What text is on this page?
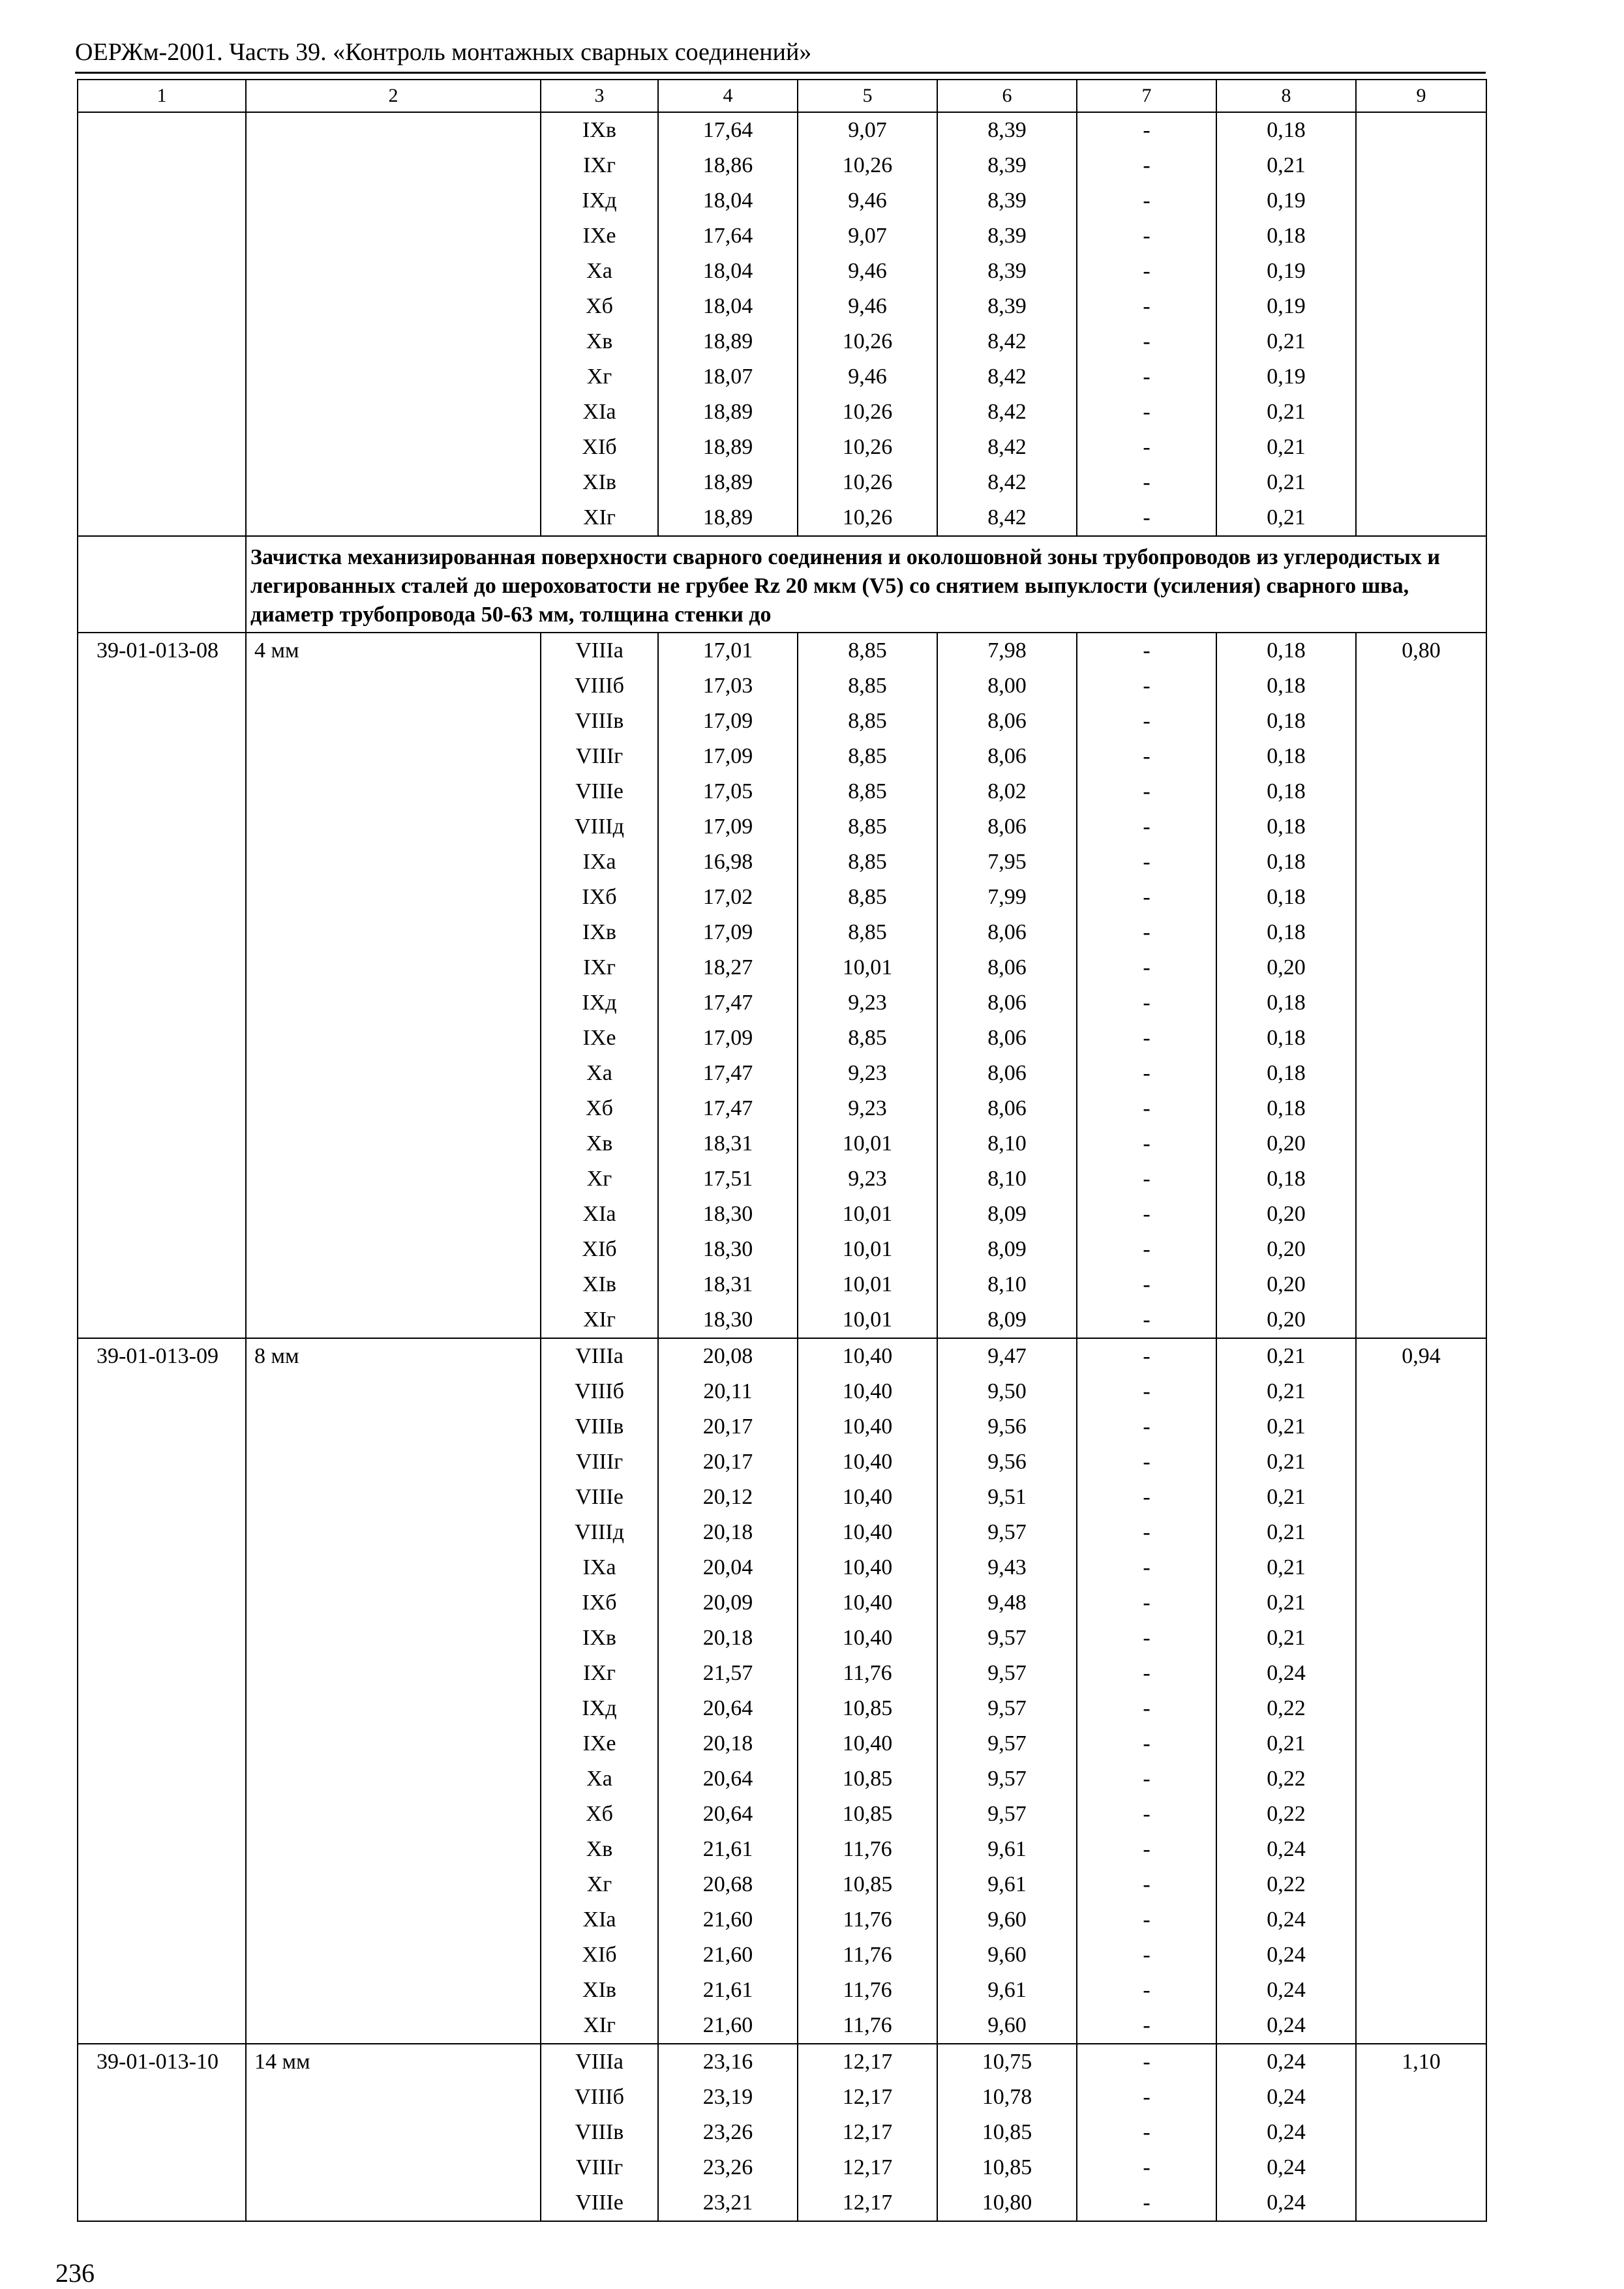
ОЕРЖм-2001. Часть 39. «Контроль монтажных сварных соединений»
1	2	3	4	5	6	7	8	9
		IXв	17,64	9,07	8,39	-	0,18	
		IXг	18,86	10,26	8,39	-	0,21	
		IXд	18,04	9,46	8,39	-	0,19	
		IXе	17,64	9,07	8,39	-	0,18	
		Xa	18,04	9,46	8,39	-	0,19	
		Xб	18,04	9,46	8,39	-	0,19	
		Xв	18,89	10,26	8,42	-	0,21	
		Xг	18,07	9,46	8,42	-	0,19	
		XIa	18,89	10,26	8,42	-	0,21	
		XIб	18,89	10,26	8,42	-	0,21	
		XIв	18,89	10,26	8,42	-	0,21	
		XIг	18,89	10,26	8,42	-	0,21	
	Зачистка механизированная поверхности сварного соединения и околошовной зоны трубопроводов из углеродистых и легированных сталей до шероховатости не грубее Rz 20 мкм (V5) со снятием выпуклости (усиления) сварного шва, диаметр трубопровода 50-63 мм, толщина стенки до							
39-01-013-08	4 мм	VIIIa	17,01	8,85	7,98	-	0,18	0,80
		VIIIб	17,03	8,85	8,00	-	0,18	
		VIIIв	17,09	8,85	8,06	-	0,18	
		VIIIг	17,09	8,85	8,06	-	0,18	
		VIIIе	17,05	8,85	8,02	-	0,18	
		VIIIд	17,09	8,85	8,06	-	0,18	
		IXa	16,98	8,85	7,95	-	0,18	
		IXб	17,02	8,85	7,99	-	0,18	
		IXв	17,09	8,85	8,06	-	0,18	
		IXг	18,27	10,01	8,06	-	0,20	
		IXд	17,47	9,23	8,06	-	0,18	
		IXе	17,09	8,85	8,06	-	0,18	
		Xa	17,47	9,23	8,06	-	0,18	
		Xб	17,47	9,23	8,06	-	0,18	
		Xв	18,31	10,01	8,10	-	0,20	
		Xг	17,51	9,23	8,10	-	0,18	
		XIa	18,30	10,01	8,09	-	0,20	
		XIб	18,30	10,01	8,09	-	0,20	
		XIв	18,31	10,01	8,10	-	0,20	
		XIг	18,30	10,01	8,09	-	0,20	
39-01-013-09	8 мм	VIIIa	20,08	10,40	9,47	-	0,21	0,94
		VIIIб	20,11	10,40	9,50	-	0,21	
		VIIIв	20,17	10,40	9,56	-	0,21	
		VIIIг	20,17	10,40	9,56	-	0,21	
		VIIIе	20,12	10,40	9,51	-	0,21	
		VIIIд	20,18	10,40	9,57	-	0,21	
		IXa	20,04	10,40	9,43	-	0,21	
		IXб	20,09	10,40	9,48	-	0,21	
		IXв	20,18	10,40	9,57	-	0,21	
		IXг	21,57	11,76	9,57	-	0,24	
		IXд	20,64	10,85	9,57	-	0,22	
		IXе	20,18	10,40	9,57	-	0,21	
		Xa	20,64	10,85	9,57	-	0,22	
		Xб	20,64	10,85	9,57	-	0,22	
		Xв	21,61	11,76	9,61	-	0,24	
		Xг	20,68	10,85	9,61	-	0,22	
		XIa	21,60	11,76	9,60	-	0,24	
		XIб	21,60	11,76	9,60	-	0,24	
		XIв	21,61	11,76	9,61	-	0,24	
		XIг	21,60	11,76	9,60	-	0,24	
39-01-013-10	14 мм	VIIIa	23,16	12,17	10,75	-	0,24	1,10
		VIIIб	23,19	12,17	10,78	-	0,24	
		VIIIв	23,26	12,17	10,85	-	0,24	
		VIIIг	23,26	12,17	10,85	-	0,24	
		VIIIе	23,21	12,17	10,80	-	0,24	
236
